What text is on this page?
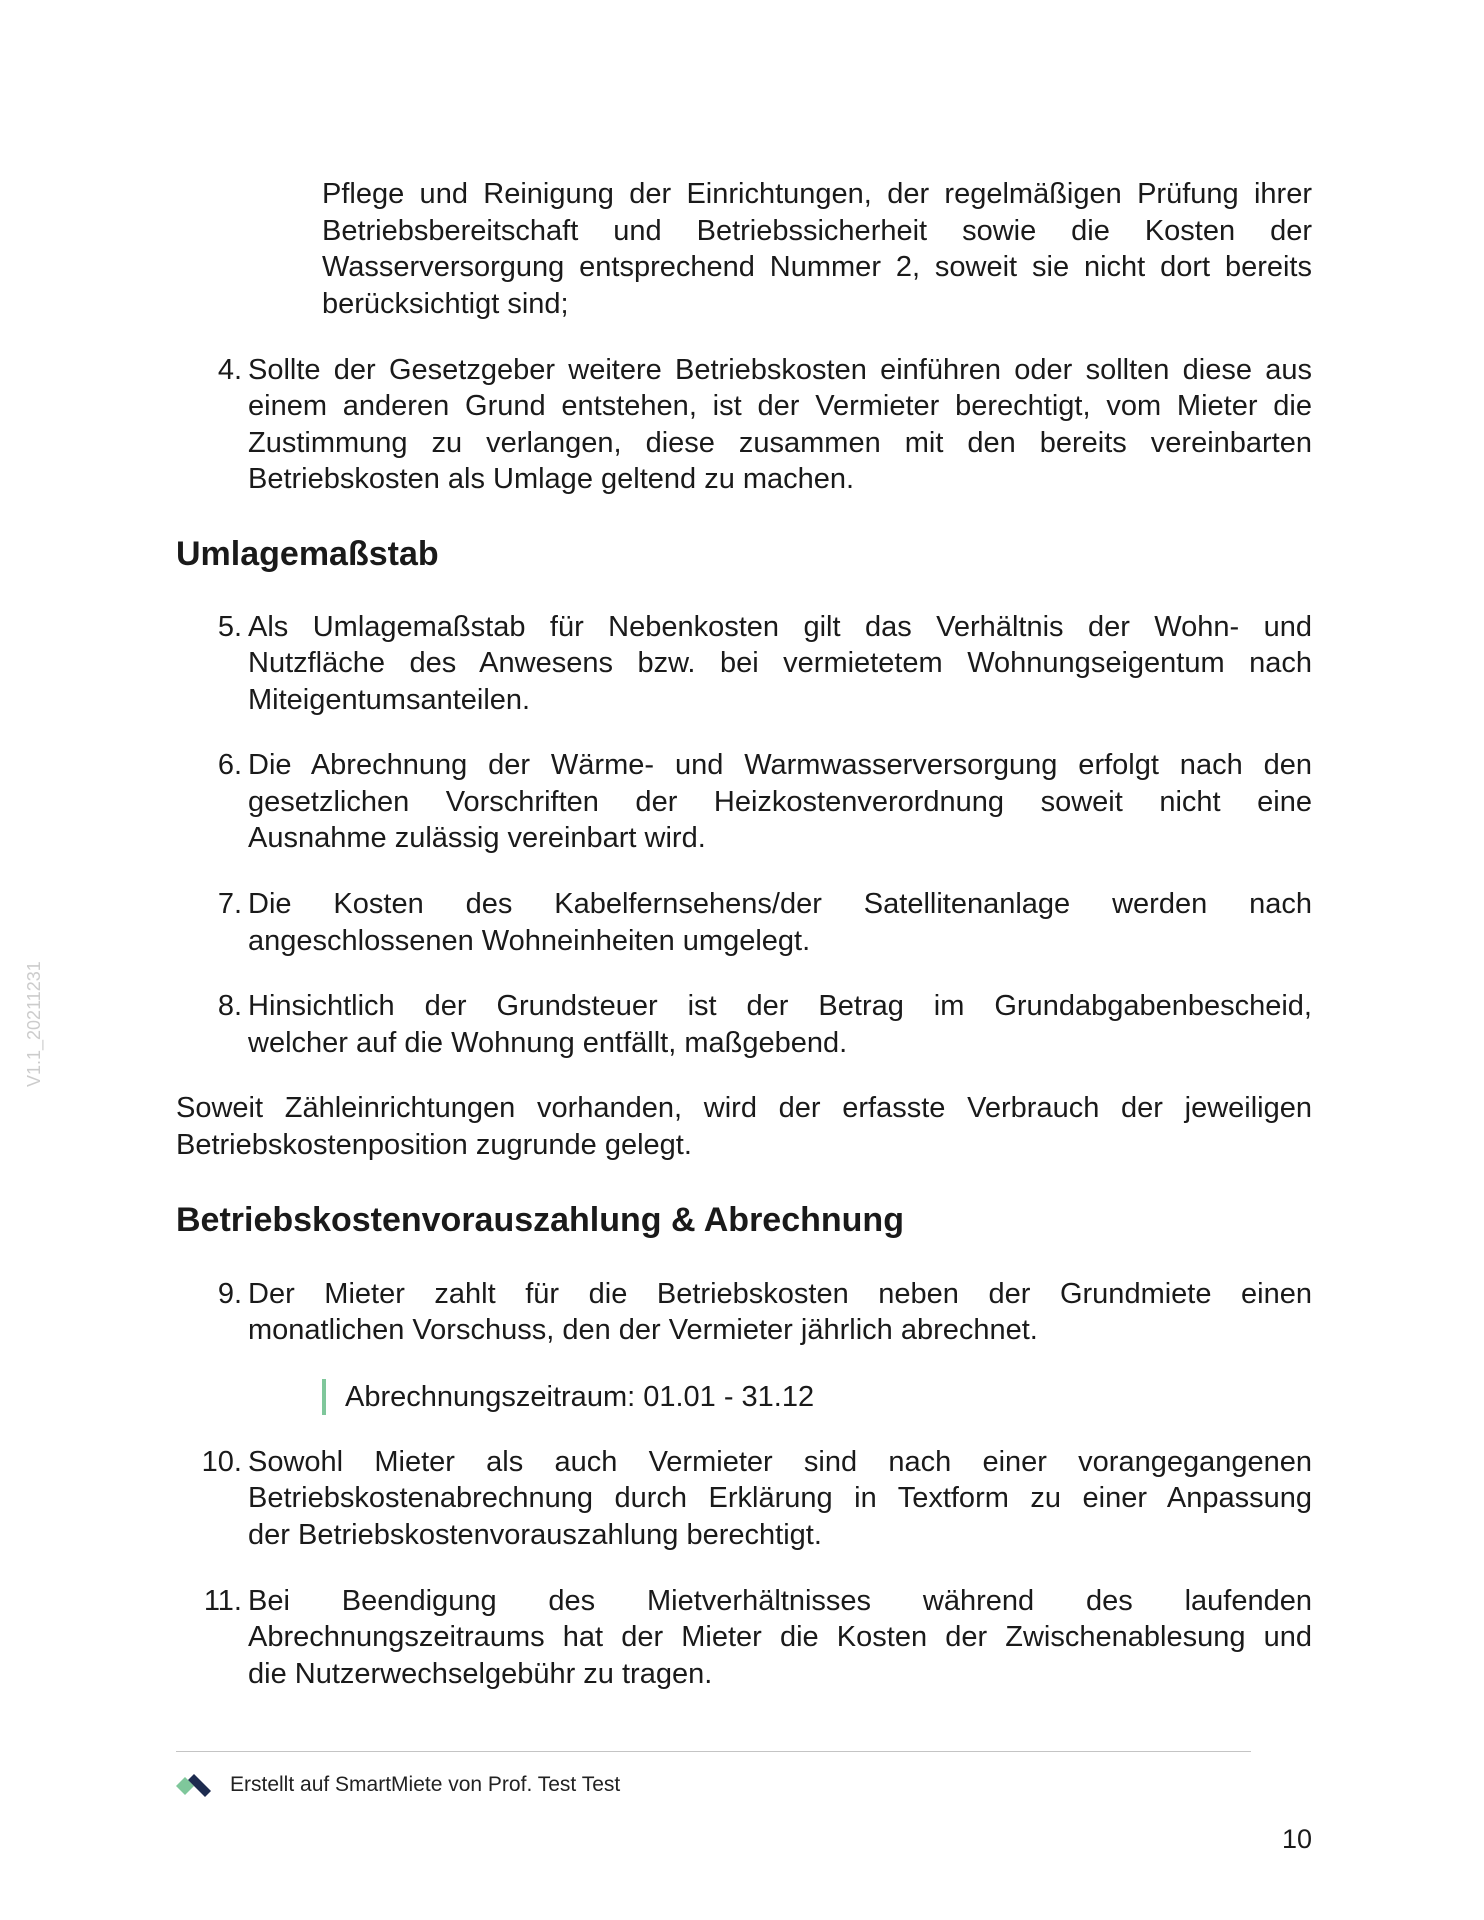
V1.1_20211231
Pflege und Reinigung der Einrichtungen, der regelmäßigen Prüfung ihrer
Betriebsbereitschaft und Betriebssicherheit sowie die Kosten der
Wasserversorgung entsprechend Nummer 2, soweit sie nicht dort bereits
berücksichtigt sind;
4. Sollte der Gesetzgeber weitere Betriebskosten einführen oder sollten diese aus
einem anderen Grund entstehen, ist der Vermieter berechtigt, vom Mieter die
Zustimmung zu verlangen, diese zusammen mit den bereits vereinbarten
Betriebskosten als Umlage geltend zu machen.
Umlagemaßstab
5. Als Umlagemaßstab für Nebenkosten gilt das Verhältnis der Wohn- und
Nutzfläche des Anwesens bzw. bei vermietetem Wohnungseigentum nach
Miteigentumsanteilen.
6. Die Abrechnung der Wärme- und Warmwasserversorgung erfolgt nach den
gesetzlichen Vorschriften der Heizkostenverordnung soweit nicht eine
Ausnahme zulässig vereinbart wird.
7. Die Kosten des Kabelfernsehens/der Satellitenanlage werden nach
angeschlossenen Wohneinheiten umgelegt.
8. Hinsichtlich der Grundsteuer ist der Betrag im Grundabgabenbescheid,
welcher auf die Wohnung entfällt, maßgebend.
Soweit Zähleinrichtungen vorhanden, wird der erfasste Verbrauch der jeweiligen
Betriebskostenposition zugrunde gelegt.
Betriebskostenvorauszahlung & Abrechnung
9. Der Mieter zahlt für die Betriebskosten neben der Grundmiete einen
monatlichen Vorschuss, den der Vermieter jährlich abrechnet.
Abrechnungszeitraum: 01.01 - 31.12
10. Sowohl Mieter als auch Vermieter sind nach einer vorangegangenen
Betriebskostenabrechnung durch Erklärung in Textform zu einer Anpassung
der Betriebskostenvorauszahlung berechtigt.
11. Bei Beendigung des Mietverhältnisses während des laufenden
Abrechnungszeitraums hat der Mieter die Kosten der Zwischenablesung und
die Nutzerwechselgebühr zu tragen.
Erstellt auf SmartMiete von Prof. Test Test
10
